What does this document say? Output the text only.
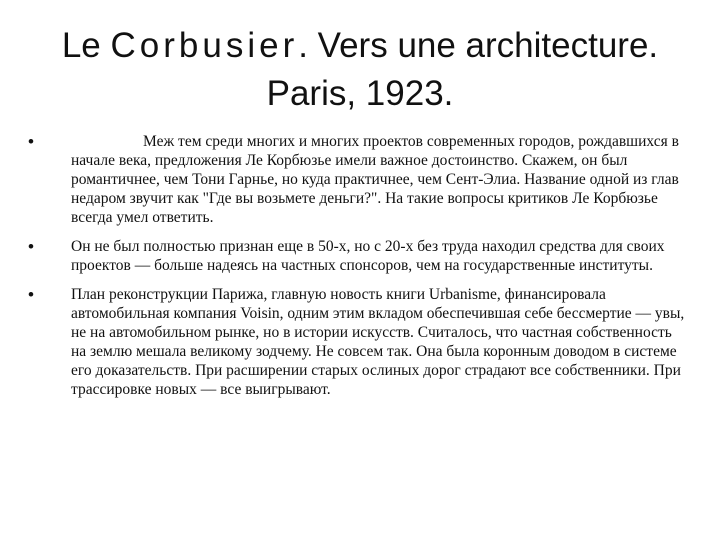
Le Corbusier. Vers une architecture.
Paris, 1923.
•	Меж тем среди многих и многих проектов современных городов, рождавшихся в начале века, предложения Ле Корбюзье имели важное достоинство. Скажем, он был романтичнее, чем Тони Гарнье, но куда практичнее, чем Сент-Элиа. Название одной из глав недаром звучит как "Где вы возьмете деньги?". На такие вопросы критиков Ле Корбюзье всегда умел ответить.
• Он не был полностью признан еще в 50-х, но с 20-х без труда находил средства для своих проектов — больше надеясь на частных спонсоров, чем на государственные институты.
• План реконструкции Парижа, главную новость книги Urbanisme, финансировала автомобильная компания Voisin, одним этим вкладом обеспечившая себе бессмертие — увы, не на автомобильном рынке, но в истории искусств. Считалось, что частная собственность на землю мешала великому зодчему. Не совсем так. Она была коронным доводом в системе его доказательств. При расширении старых ослиных дорог страдают все собственники. При трассировке новых — все выигрывают.
